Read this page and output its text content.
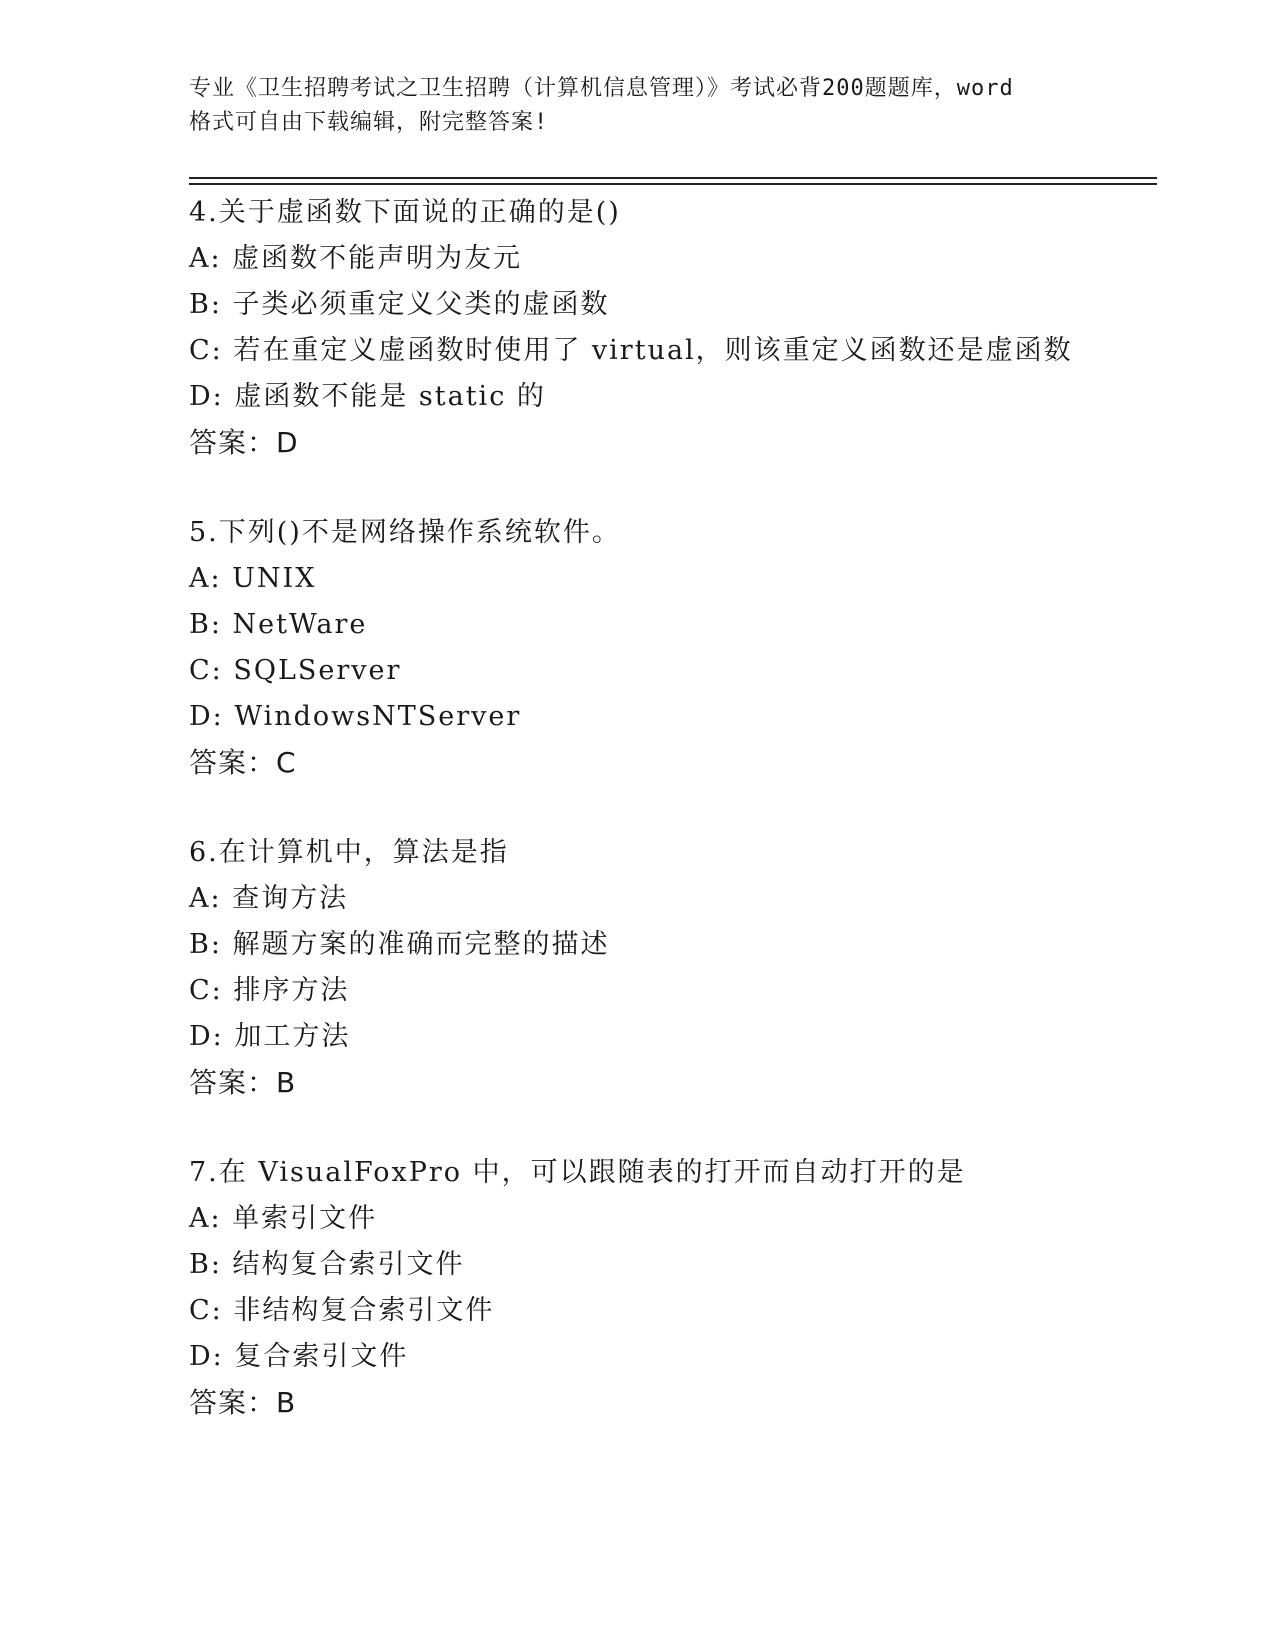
专业《卫生招聘考试之卫生招聘（计算机信息管理）》考试必背200题题库，word
格式可自由下载编辑，附完整答案!
4.关于虚函数下面说的正确的是()
A: 虚函数不能声明为友元
B: 子类必须重定义父类的虚函数
C: 若在重定义虚函数时使用了 virtual，则该重定义函数还是虚函数
D: 虚函数不能是 static 的
答案：D
5.下列()不是网络操作系统软件。
A: UNIX
B: NetWare
C: SQLServer
D: WindowsNTServer
答案：C
6.在计算机中，算法是指
A: 查询方法
B: 解题方案的准确而完整的描述
C: 排序方法
D: 加工方法
答案：B
7.在 VisualFoxPro 中，可以跟随表的打开而自动打开的是
A: 单索引文件
B: 结构复合索引文件
C: 非结构复合索引文件
D: 复合索引文件
答案：B
